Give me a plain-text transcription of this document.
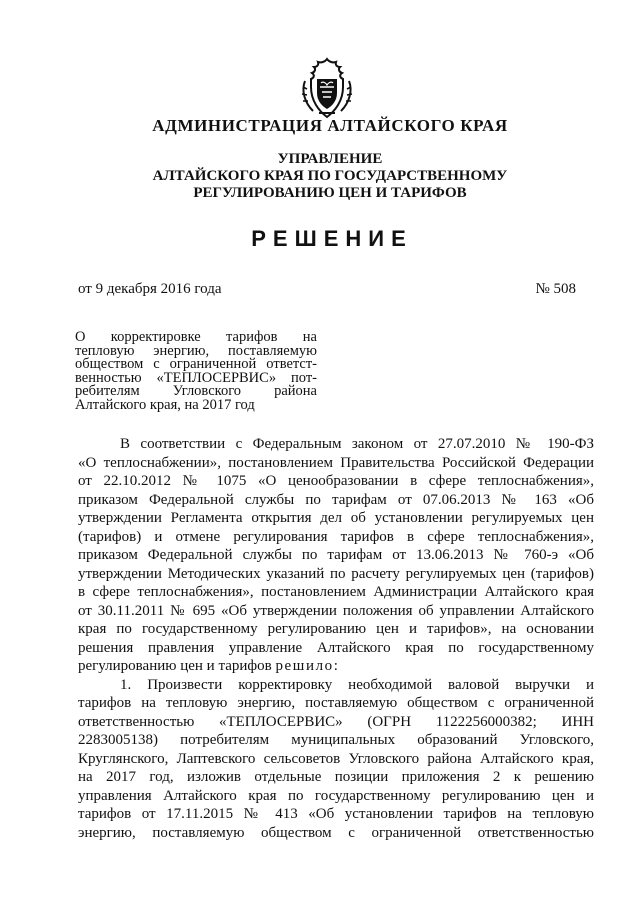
АДМИНИСТРАЦИЯ АЛТАЙСКОГО КРАЯ
УПРАВЛЕНИЕ
АЛТАЙСКОГО КРАЯ ПО ГОСУДАРСТВЕННОМУ
РЕГУЛИРОВАНИЮ ЦЕН И ТАРИФОВ
РЕШЕНИЕ
от 9 декабря 2016 года	№ 508
О корректировке тарифов на
тепловую энергию, поставляемую
обществом с ограниченной ответст-
венностью «ТЕПЛОСЕРВИС» пот-
ребителям Угловского района
Алтайского края, на 2017 год
В соответствии с Федеральным законом от 27.07.2010 № 190-ФЗ
«О теплоснабжении», постановлением Правительства Российской Федерации
от 22.10.2012 № 1075 «О ценообразовании в сфере теплоснабжения»,
приказом Федеральной службы по тарифам от 07.06.2013 № 163 «Об
утверждении Регламента открытия дел об установлении регулируемых цен
(тарифов) и отмене регулирования тарифов в сфере теплоснабжения»,
приказом Федеральной службы по тарифам от 13.06.2013 № 760-э «Об
утверждении Методических указаний по расчету регулируемых цен (тарифов)
в сфере теплоснабжения», постановлением Администрации Алтайского края
от 30.11.2011 № 695 «Об утверждении положения об управлении Алтайского
края по государственному регулированию цен и тарифов», на основании
решения правления управление Алтайского края по государственному
регулированию цен и тарифов решило:
1. Произвести корректировку необходимой валовой выручки и
тарифов на тепловую энергию, поставляемую обществом с ограниченной
ответственностью «ТЕПЛОСЕРВИС» (ОГРН 1122256000382; ИНН
2283005138) потребителям муниципальных образований Угловского,
Круглянского, Лаптевского сельсоветов Угловского района Алтайского края,
на 2017 год, изложив отдельные позиции приложения 2 к решению
управления Алтайского края по государственному регулированию цен и
тарифов от 17.11.2015 № 413 «Об установлении тарифов на тепловую
энергию, поставляемую обществом с ограниченной ответственностью
